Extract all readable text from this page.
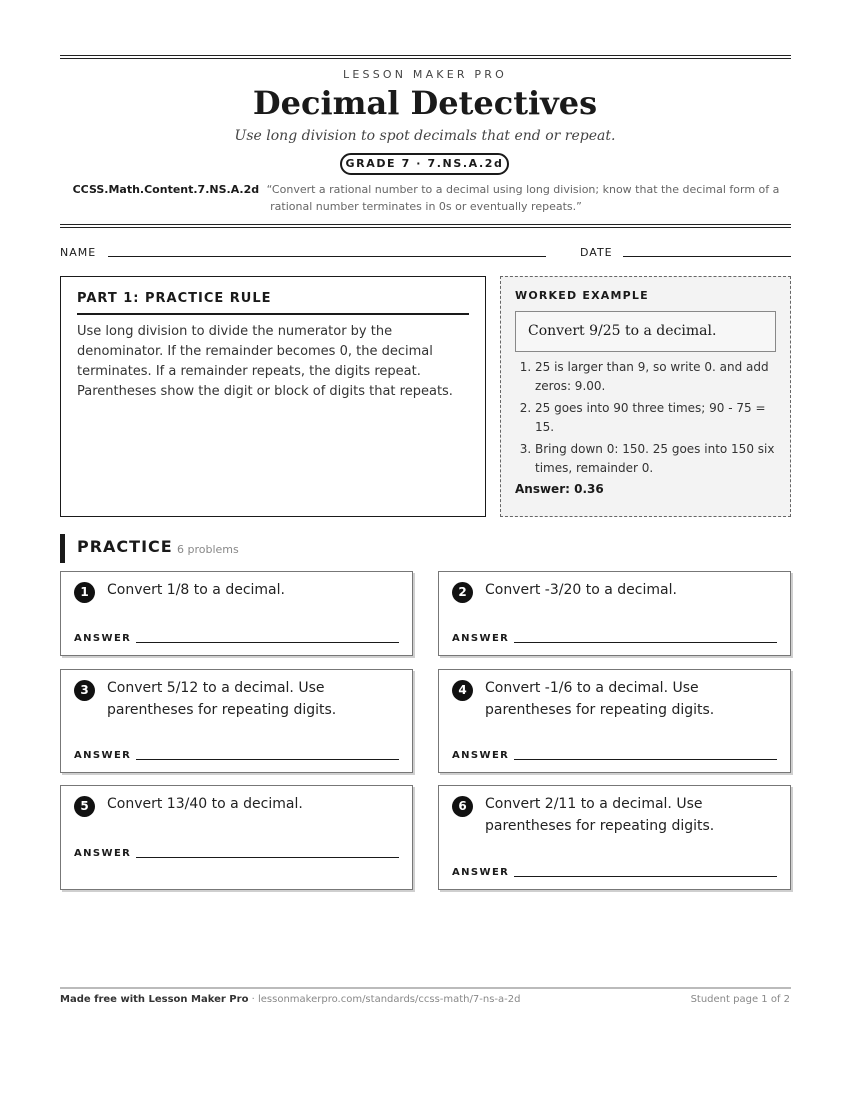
LESSON MAKER PRO
Decimal Detectives
Use long division to spot decimals that end or repeat.
GRADE 7 · 7.NS.A.2d
CCSS.Math.Content.7.NS.A.2d “Convert a rational number to a decimal using long division; know that the decimal form of a rational number terminates in 0s or eventually repeats.”
NAME	DATE
PART 1: PRACTICE RULE
Use long division to divide the numerator by the denominator. If the remainder becomes 0, the decimal terminates. If a remainder repeats, the digits repeat. Parentheses show the digit or block of digits that repeats.
WORKED EXAMPLE
Convert 9/25 to a decimal.
1. 25 is larger than 9, so write 0. and add zeros: 9.00.
2. 25 goes into 90 three times; 90 - 75 = 15.
3. Bring down 0: 150. 25 goes into 150 six times, remainder 0.
Answer: 0.36
PRACTICE 6 problems
1	Convert 1/8 to a decimal.
ANSWER
2	Convert -3/20 to a decimal.
ANSWER
3	Convert 5/12 to a decimal. Use parentheses for repeating digits.
ANSWER
4	Convert -1/6 to a decimal. Use parentheses for repeating digits.
ANSWER
5	Convert 13/40 to a decimal.
ANSWER
6	Convert 2/11 to a decimal. Use parentheses for repeating digits.
ANSWER
Made free with Lesson Maker Pro · lessonmakerpro.com/standards/ccss-math/7-ns-a-2d	Student page 1 of 2
